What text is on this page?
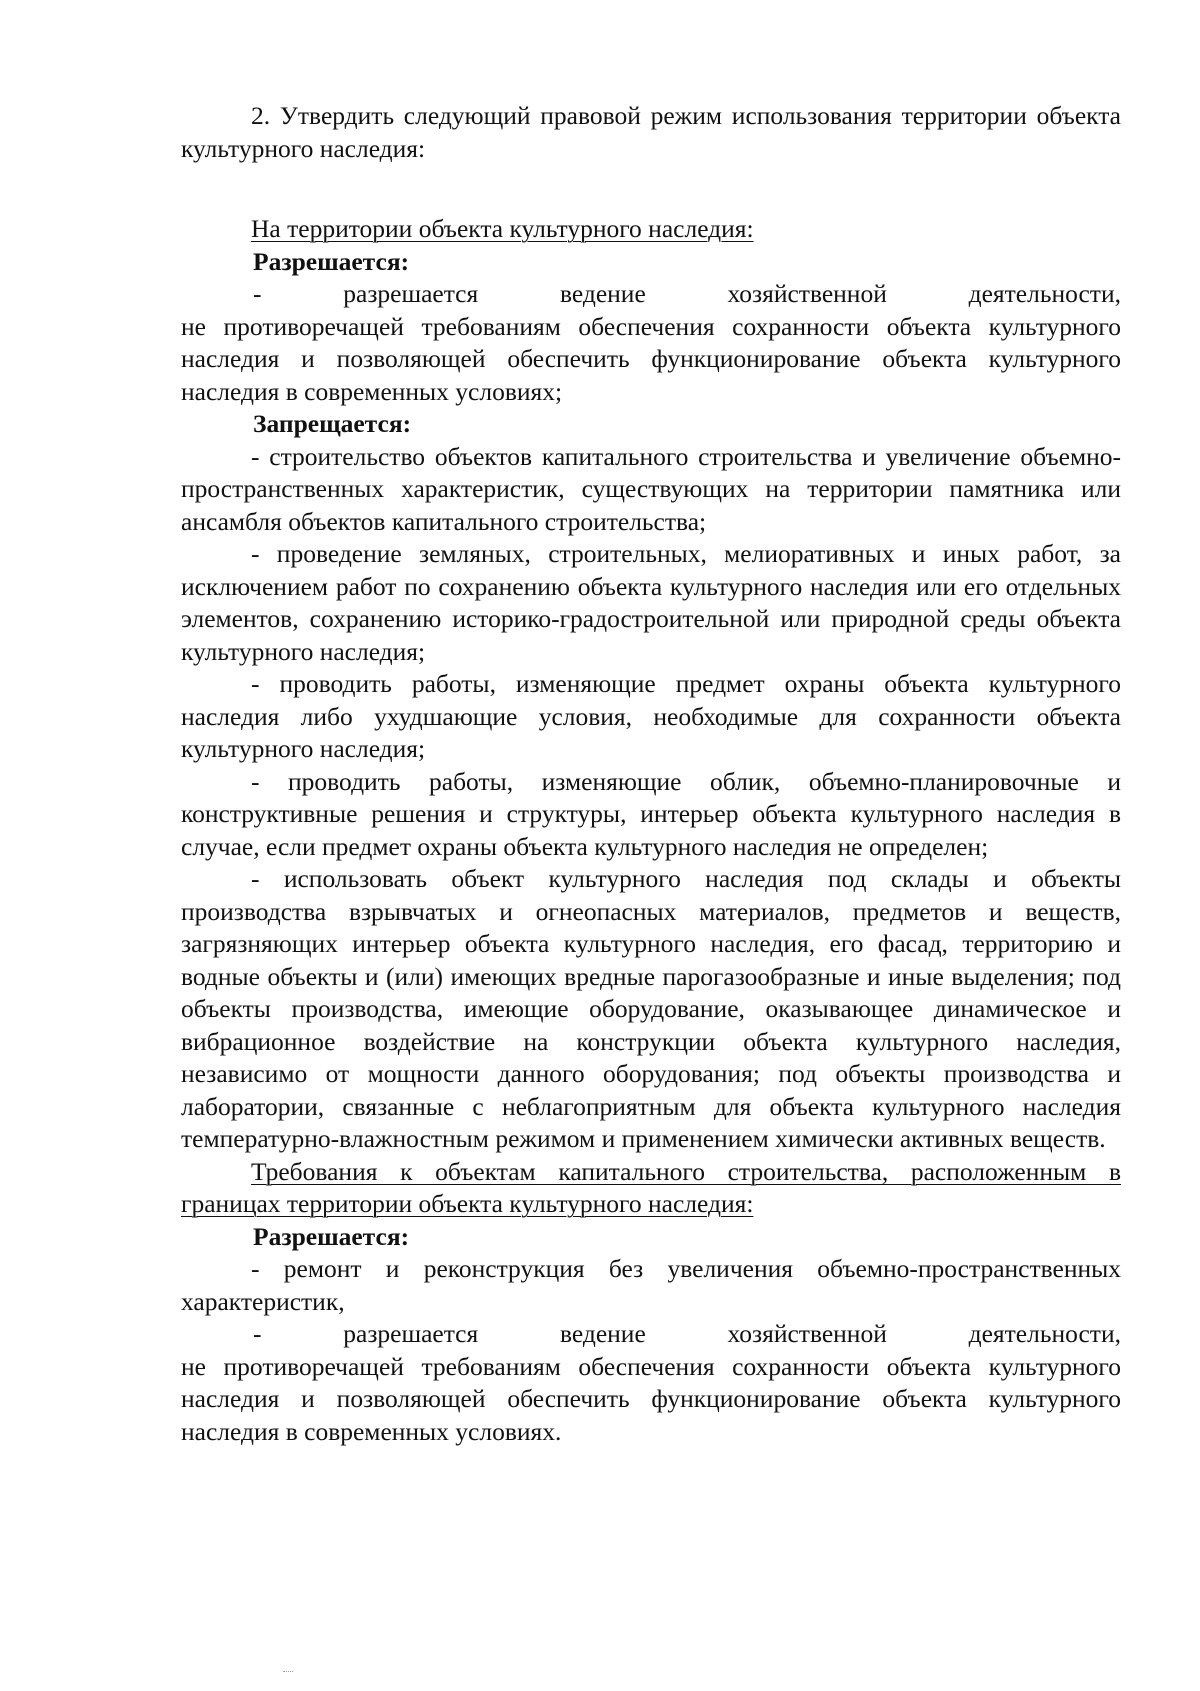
2. Утвердить следующий правовой режим использования территории объекта культурного наследия:

На территории объекта культурного наследия:

Разрешается:

-	разрешается	ведение	хозяйственной	деятельности,

не противоречащей требованиям обеспечения сохранности объекта культурного наследия и позволяющей обеспечить функционирование объекта культурного наследия в современных условиях;

Запрещается:

- строительство объектов капитального строительства и увеличение объемно-пространственных характеристик, существующих на территории памятника или ансамбля объектов капитального строительства;

- проведение земляных, строительных, мелиоративных и иных работ, за исключением работ по сохранению объекта культурного наследия или его отдельных элементов, сохранению историко-градостроительной или природной среды объекта культурного наследия;

- проводить работы, изменяющие предмет охраны объекта культурного наследия либо ухудшающие условия, необходимые для сохранности объекта культурного наследия;

- проводить работы, изменяющие облик, объемно-планировочные и конструктивные решения и структуры, интерьер объекта культурного наследия в случае, если предмет охраны объекта культурного наследия не определен;

- использовать объект культурного наследия под склады и объекты производства взрывчатых и огнеопасных материалов, предметов и веществ, загрязняющих интерьер объекта культурного наследия, его фасад, территорию и водные объекты и (или) имеющих вредные парогазообразные и иные выделения; под объекты производства, имеющие оборудование, оказывающее динамическое и вибрационное воздействие на конструкции объекта культурного наследия, независимо от мощности данного оборудования; под объекты производства и лаборатории, связанные с неблагоприятным для объекта культурного наследия температурно-влажностным режимом и применением химически активных веществ.

Требования к объектам капитального строительства, расположенным в границах территории объекта культурного наследия:

Разрешается:

- ремонт и реконструкция без увеличения объемно-пространственных характеристик,

-	разрешается	ведение	хозяйственной	деятельности,

не противоречащей требованиям обеспечения сохранности объекта культурного наследия и позволяющей обеспечить функционирование объекта культурного наследия в современных условиях.
